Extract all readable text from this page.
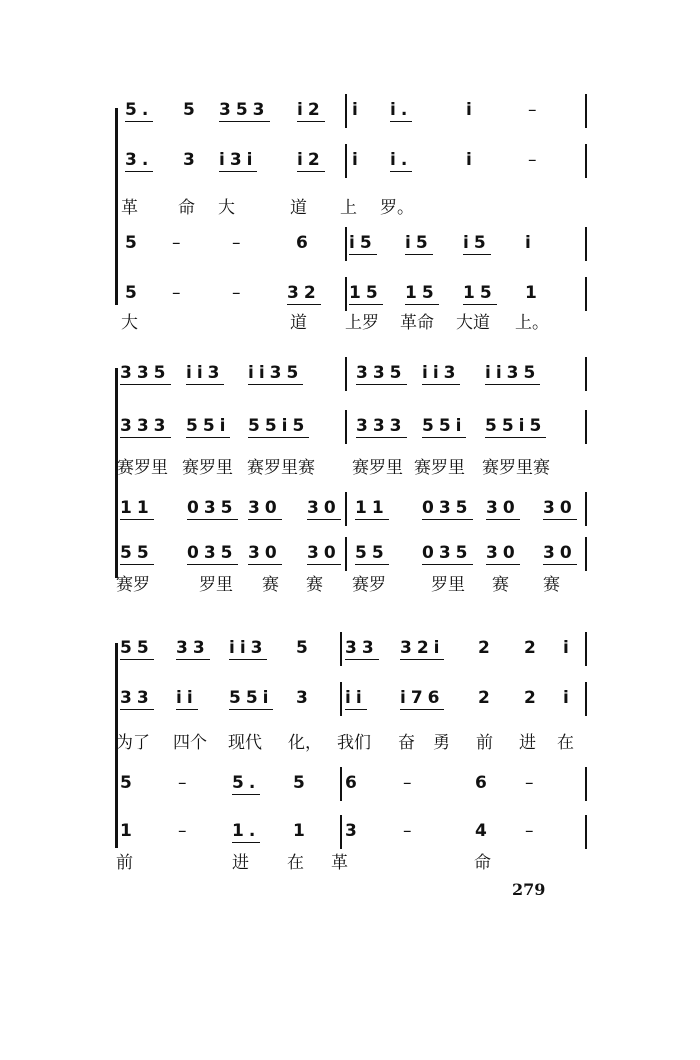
5. 5 353 i2 i i.	i	–
3. 3 i3i i2 i i.	i	–
革 命 大	道 上 罗。
5 –	–	6 i5 i5 i5 i
5 –	–	32 15 15 15 1
大	道 上罗 革命 大道 上。
335 ii3 ii35	335 ii3 ii35
333 55i 55i5	333 55i 55i5
赛罗里 赛罗里 赛罗里赛 赛罗里 赛罗里 赛罗里赛
11 035 30 30 11 035 30 30
55 035 30 30 55 035 30 30
赛罗	罗里 赛 赛 赛罗	罗里 赛 赛
55 33 ii3 5 33 32i 2 2 i
33 ii 55i 3 ii i76 2 2 i
为了 四个 现代 化， 我们 奋 勇 前 进 在
5 –	5. 5 6 –	6 –
1 –	1. 1 3 –	4 –
前	进 在 革	命
279
